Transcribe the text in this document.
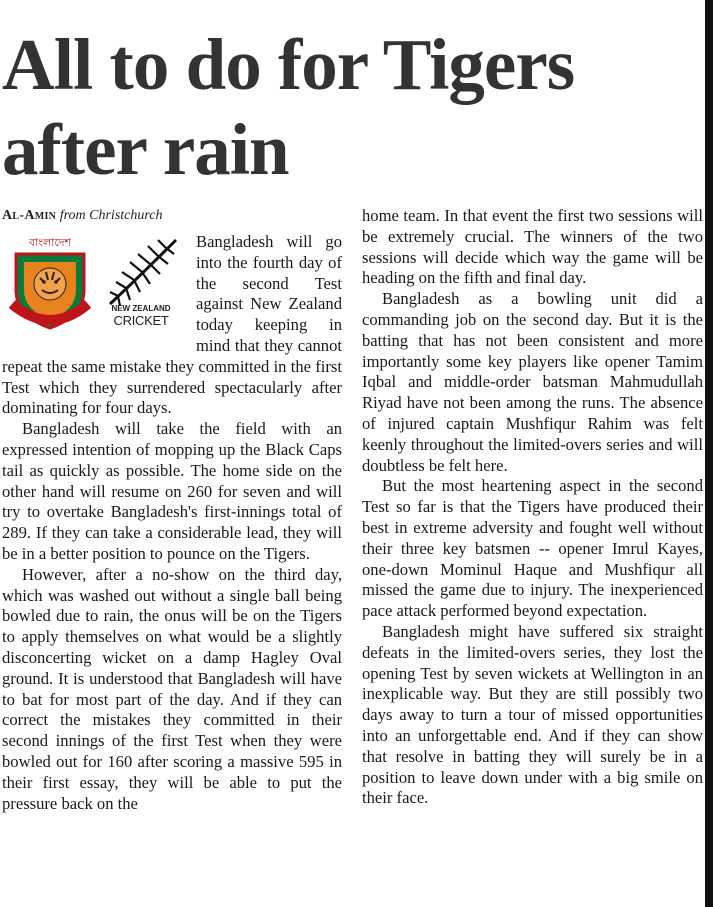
All to do for Tigers
after rain
Al-Amin from Christchurch
বাংলাদেশ
NEW ZEALAND
CRICKET

Bangladesh will go into the fourth day of the second Test against New Zealand today keeping in mind that they cannot repeat the same mistake they committed in the first Test which they surrendered spectacularly after dominating for four days.

Bangladesh will take the field with an expressed intention of mopping up the Black Caps tail as quickly as possible. The home side on the other hand will resume on 260 for seven and will try to overtake Bangladesh's first-innings total of 289. If they can take a considerable lead, they will be in a better position to pounce on the Tigers.

However, after a no-show on the third day, which was washed out without a single ball being bowled due to rain, the onus will be on the Tigers to apply themselves on what would be a slightly disconcerting wicket on a damp Hagley Oval ground. It is understood that Bangladesh will have to bat for most part of the day. And if they can correct the mistakes they committed in their second innings of the first Test when they were bowled out for 160 after scoring a massive 595 in their first essay, they will be able to put the pressure back on the

home team. In that event the first two sessions will be extremely crucial. The winners of the two sessions will decide which way the game will be heading on the fifth and final day.

Bangladesh as a bowling unit did a commanding job on the second day. But it is the batting that has not been consistent and more importantly some key players like opener Tamim Iqbal and middle-order batsman Mahmudullah Riyad have not been among the runs. The absence of injured captain Mushfiqur Rahim was felt keenly throughout the limited-overs series and will doubtless be felt here.

But the most heartening aspect in the second Test so far is that the Tigers have produced their best in extreme adversity and fought well without their three key batsmen -- opener Imrul Kayes, one-down Mominul Haque and Mushfiqur all missed the game due to injury. The inexperienced pace attack performed beyond expectation.

Bangladesh might have suffered six straight defeats in the limited-overs series, they lost the opening Test by seven wickets at Wellington in an inexplicable way. But they are still possibly two days away to turn a tour of missed opportunities into an unforgettable end. And if they can show that resolve in batting they will surely be in a position to leave down under with a big smile on their face.
